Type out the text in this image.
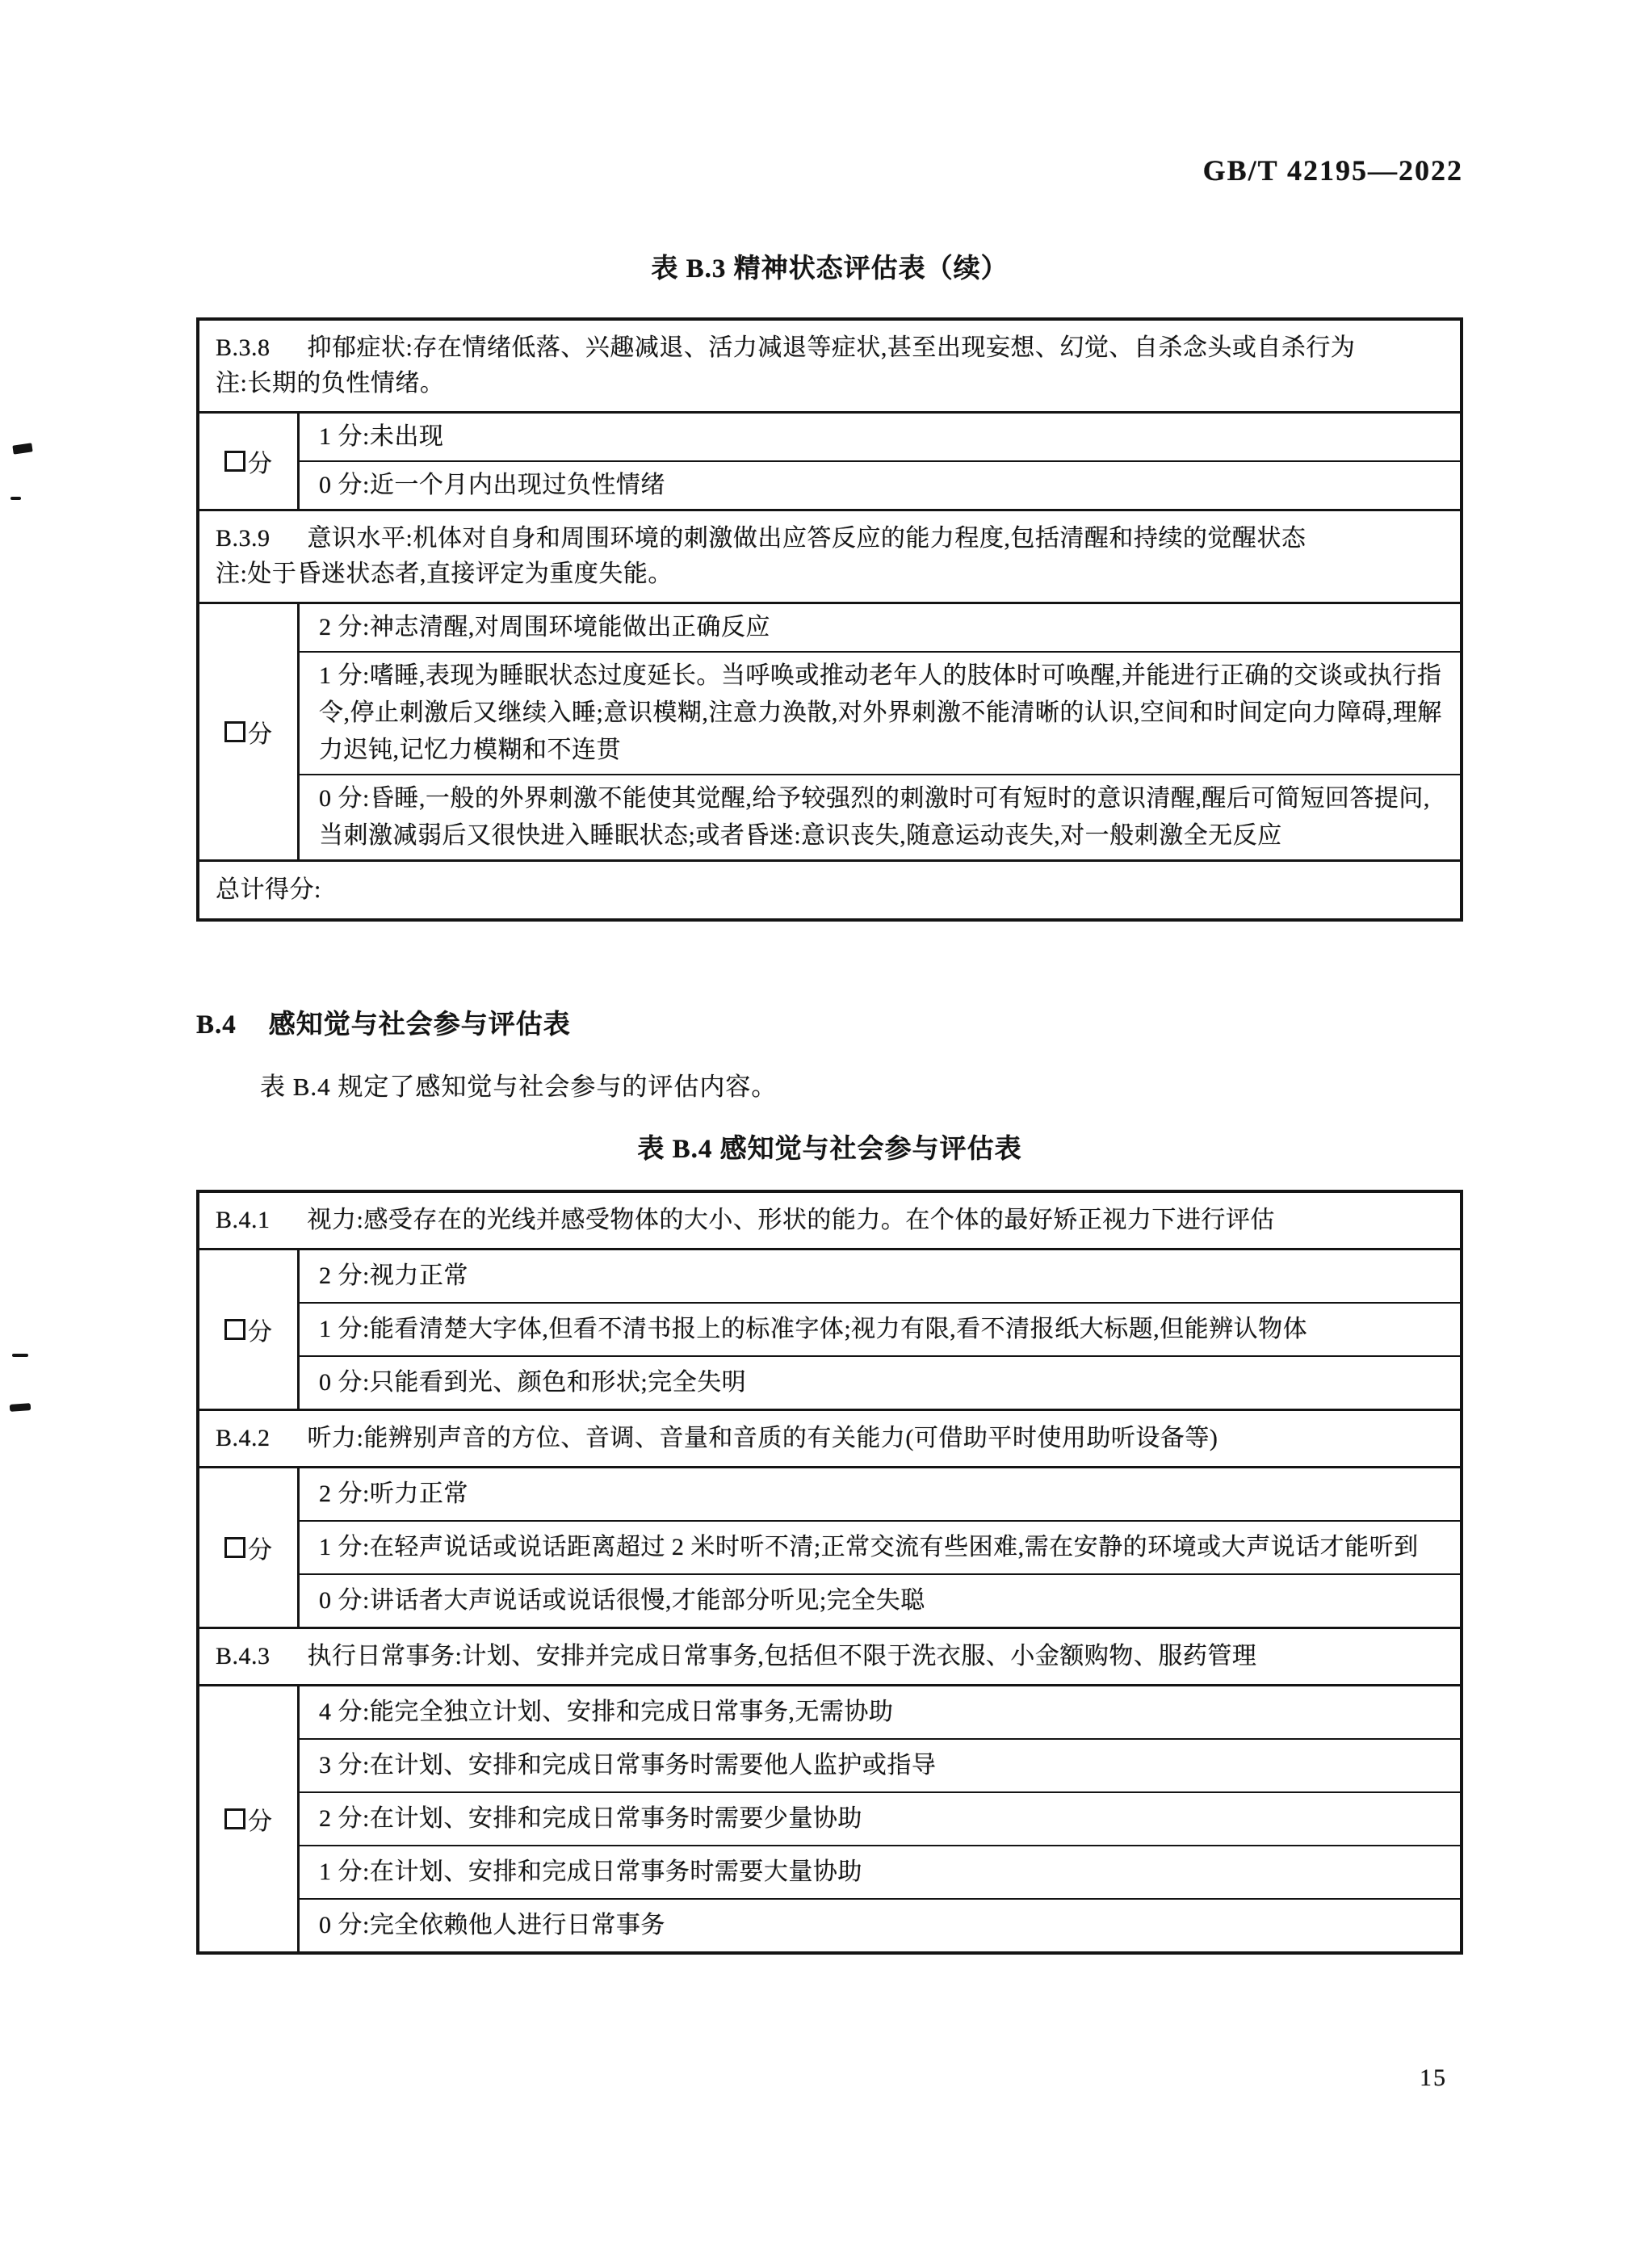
GB/T 42195—2022
表 B.3 精神状态评估表（续）
B.3.8 抑郁症状:存在情绪低落、兴趣减退、活力减退等症状,甚至出现妄想、幻觉、自杀念头或自杀行为
注:长期的负性情绪。
分
1 分:未出现
0 分:近一个月内出现过负性情绪
B.3.9 意识水平:机体对自身和周围环境的刺激做出应答反应的能力程度,包括清醒和持续的觉醒状态
注:处于昏迷状态者,直接评定为重度失能。
分
2 分:神志清醒,对周围环境能做出正确反应
1 分:嗜睡,表现为睡眠状态过度延长。当呼唤或推动老年人的肢体时可唤醒,并能进行正确的交谈或执行指令,停止刺激后又继续入睡;意识模糊,注意力涣散,对外界刺激不能清晰的认识,空间和时间定向力障碍,理解力迟钝,记忆力模糊和不连贯
0 分:昏睡,一般的外界刺激不能使其觉醒,给予较强烈的刺激时可有短时的意识清醒,醒后可简短回答提问,当刺激减弱后又很快进入睡眠状态;或者昏迷:意识丧失,随意运动丧失,对一般刺激全无反应
总计得分:
B.4 感知觉与社会参与评估表
表 B.4 规定了感知觉与社会参与的评估内容。
表 B.4 感知觉与社会参与评估表
B.4.1 视力:感受存在的光线并感受物体的大小、形状的能力。在个体的最好矫正视力下进行评估
分
2 分:视力正常
1 分:能看清楚大字体,但看不清书报上的标准字体;视力有限,看不清报纸大标题,但能辨认物体
0 分:只能看到光、颜色和形状;完全失明
B.4.2 听力:能辨别声音的方位、音调、音量和音质的有关能力(可借助平时使用助听设备等)
分
2 分:听力正常
1 分:在轻声说话或说话距离超过 2 米时听不清;正常交流有些困难,需在安静的环境或大声说话才能听到
0 分:讲话者大声说话或说话很慢,才能部分听见;完全失聪
B.4.3 执行日常事务:计划、安排并完成日常事务,包括但不限于洗衣服、小金额购物、服药管理
分
4 分:能完全独立计划、安排和完成日常事务,无需协助
3 分:在计划、安排和完成日常事务时需要他人监护或指导
2 分:在计划、安排和完成日常事务时需要少量协助
1 分:在计划、安排和完成日常事务时需要大量协助
0 分:完全依赖他人进行日常事务
15
